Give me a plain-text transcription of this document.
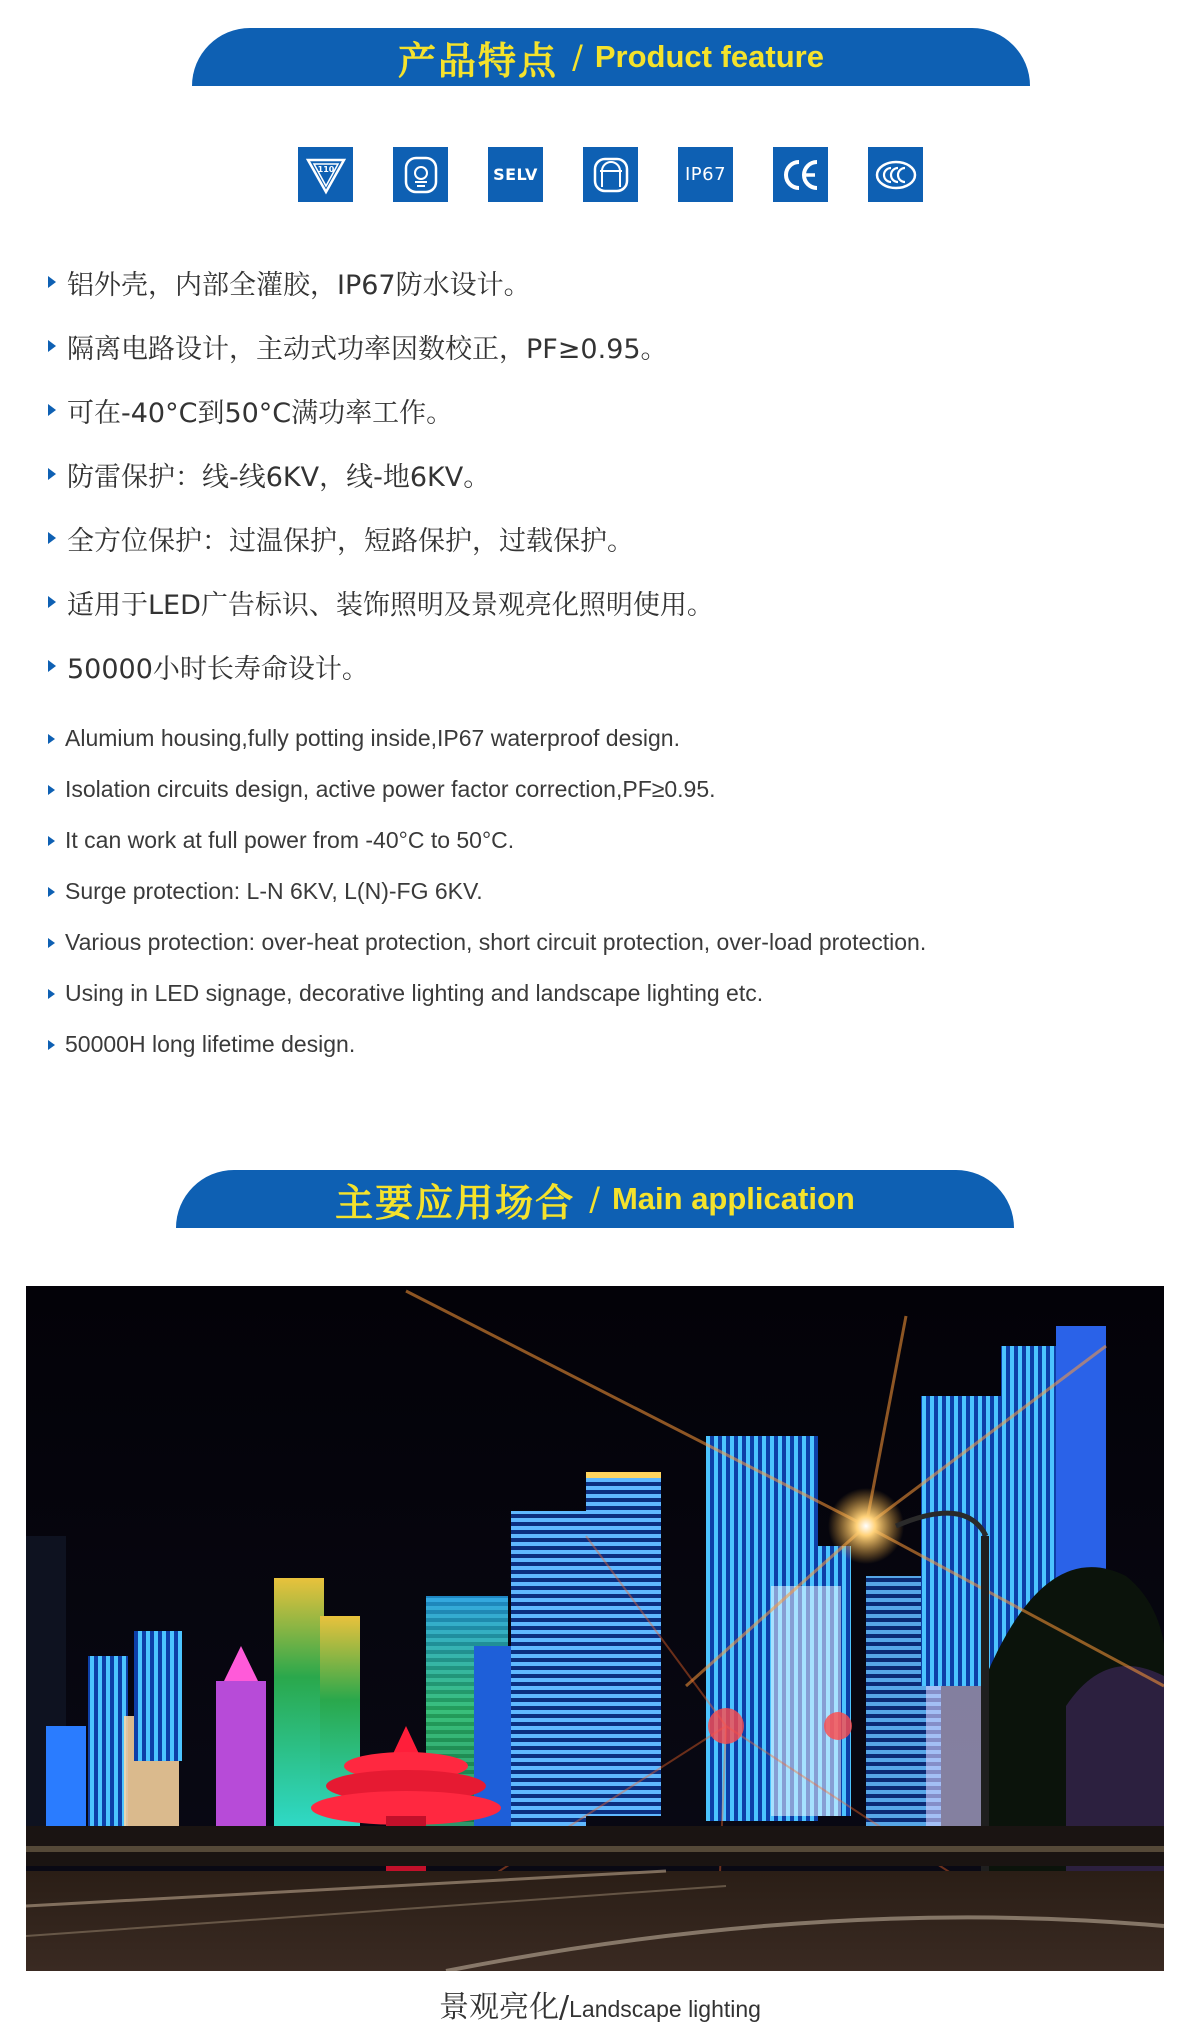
产品特点 / Product feature
110	SELV	IP67
铝外壳，内部全灌胶，IP67防水设计。
隔离电路设计，主动式功率因数校正，PF≥0.95。
可在-40°C到50°C满功率工作。
防雷保护：线-线6KV，线-地6KV。
全方位保护：过温保护，短路保护，过载保护。
适用于LED广告标识、装饰照明及景观亮化照明使用。
50000小时长寿命设计。
Alumium housing,fully potting inside,IP67 waterproof design.
Isolation circuits design, active power factor correction,PF≥0.95.
It can work at full power from -40°C to 50°C.
Surge protection: L-N 6KV, L(N)-FG 6KV.
Various protection: over-heat protection, short circuit protection, over-load protection.
Using in LED signage, decorative lighting and landscape lighting etc.
50000H long lifetime design.
主要应用场合 / Main application
景观亮化/Landscape lighting
